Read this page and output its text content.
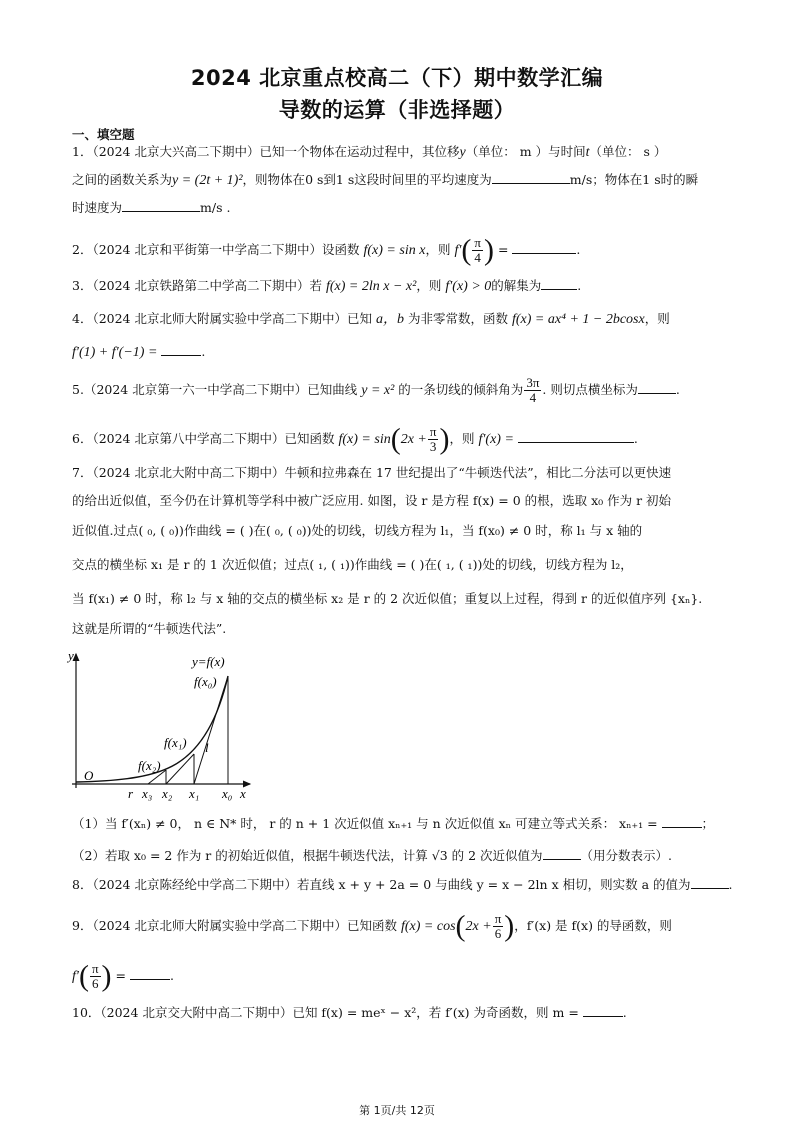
2024 北京重点校高二（下）期中数学汇编
导数的运算（非选择题）
一、填空题
1．（2024 北京大兴高二下期中）已知一个物体在运动过程中，其位移y（单位： m ）与时间t（单位： s ）
之间的函数关系为y = (2t + 1)²，则物体在0 s到1 s这段时间里的平均速度为	m/s；物体在1 s时的瞬
时速度为	m/s .
2．（2024 北京和平街第一中学高二下期中）设函数 f(x) = sin x，则 $f'( \frac{\pi}{4}$ ) =	.
3．（2024 北京铁路第二中学高二下期中）若 f(x) = 2ln x − x²，则 f′(x) > 0的解集为	.
4．（2024 北京北师大附属实验中学高二下期中）已知 a，b 为非零常数，函数 f(x) = ax⁴ + 1 − 2bcosx，则
f′(1) + f′(−1) =	.
5.（2024 北京第一六一中学高二下期中）已知曲线 y = x² 的一条切线的倾斜角为 $\frac{3\pi}{4}$ . 则切点横坐标为	.
6．（2024 北京第八中学高二下期中）已知函数 $f(x) = \sin(2x + \frac{\pi}{3}$ )，则 f′(x) =	.
7．（2024 北京北大附中高二下期中）牛顿和拉弗森在 17 世纪提出了“牛顿迭代法”，相比二分法可以更快速
的给出近似值，至今仍在计算机等学科中被广泛应用. 如图，设 r 是方程 f(x) = 0 的根，选取 x₀ 作为 r 初始
近似值.过点( ₀, ( ₀))作曲线 = ( )在( ₀, ( ₀))处的切线，切线方程为 l₁，当 f(x₀) ≠ 0 时，称 l₁ 与 x 轴的
交点的横坐标 x₁ 是 r 的 1 次近似值；过点( ₁, ( ₁))作曲线 = ( )在( ₁, ( ₁))处的切线，切线方程为 l₂，
当 f(x₁) ≠ 0 时，称 l₂ 与 x 轴的交点的横坐标 x₂ 是 r 的 2 次近似值；重复以上过程，得到 r 的近似值序列 {xₙ}.
这就是所谓的“牛顿迭代法”.
y
x
O
y=f(x)
f(x₀)
f(x₁)
f(x₂)
l
r x₃ x₂ x₁ x₀
（1）当 f′(xₙ) ≠ 0， n ∈ N* 时， r 的 n + 1 次近似值 xₙ₊₁ 与 n 次近似值 xₙ 可建立等式关系： xₙ₊₁ =	；
（2）若取 x₀ = 2 作为 r 的初始近似值，根据牛顿迭代法，计算 √3 的 2 次近似值为	（用分数表示）.
8．（2024 北京陈经纶中学高二下期中）若直线 x + y + 2a = 0 与曲线 y = x − 2ln x 相切，则实数 a 的值为	.
9．（2024 北京北师大附属实验中学高二下期中）已知函数 $f(x) = \cos(2x + \frac{\pi}{6}$ )，f′(x) 是 f(x) 的导函数，则
$f'( \frac{\pi}{6}$ ) =	.
10．（2024 北京交大附中高二下期中）已知 f(x) = meˣ − x²，若 f′(x) 为奇函数，则 m =	.
第 1页/共 12页
